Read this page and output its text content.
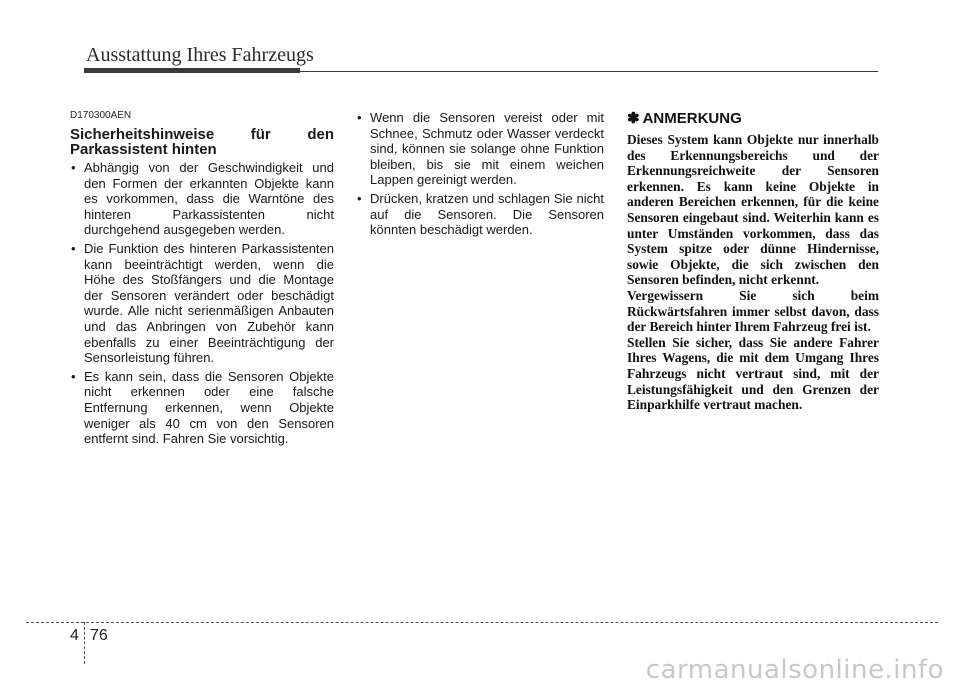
Ausstattung Ihres Fahrzeugs
D170300AEN
Sicherheitshinweise für den Parkassistent hinten
• Abhängig von der Geschwindigkeit und den Formen der erkannten Objekte kann es vorkommen, dass die Warntöne des hinteren Parkassistenten nicht durchgehend ausgegeben werden.
• Die Funktion des hinteren Parkassistenten kann beeinträchtigt werden, wenn die Höhe des Stoßfängers und die Montage der Sensoren verändert oder beschädigt wurde. Alle nicht serienmäßigen Anbauten und das Anbringen von Zubehör kann ebenfalls zu einer Beeinträchtigung der Sensorleistung führen.
• Es kann sein, dass die Sensoren Objekte nicht erkennen oder eine falsche Entfernung erkennen, wenn Objekte weniger als 40 cm von den Sensoren entfernt sind. Fahren Sie vorsichtig.
• Wenn die Sensoren vereist oder mit Schnee, Schmutz oder Wasser verdeckt sind, können sie solange ohne Funktion bleiben, bis sie mit einem weichen Lappen gereinigt werden.
• Drücken, kratzen und schlagen Sie nicht auf die Sensoren. Die Sensoren könnten beschädigt werden.
✽ ANMERKUNG

Dieses System kann Objekte nur innerhalb des Erkennungsbereichs und der Erkennungsreichweite der Sensoren erkennen. Es kann keine Objekte in anderen Bereichen erkennen, für die keine Sensoren eingebaut sind. Weiterhin kann es unter Umständen vorkommen, dass das System spitze oder dünne Hindernisse, sowie Objekte, die sich zwischen den Sensoren befinden, nicht erkennt.

Vergewissern Sie sich beim Rückwärtsfahren immer selbst davon, dass der Bereich hinter Ihrem Fahrzeug frei ist.

Stellen Sie sicher, dass Sie andere Fahrer Ihres Wagens, die mit dem Umgang Ihres Fahrzeugs nicht vertraut sind, mit der Leistungsfähigkeit und den Grenzen der Einparkhilfe vertraut machen.

4 76
carmanualsonline.info
